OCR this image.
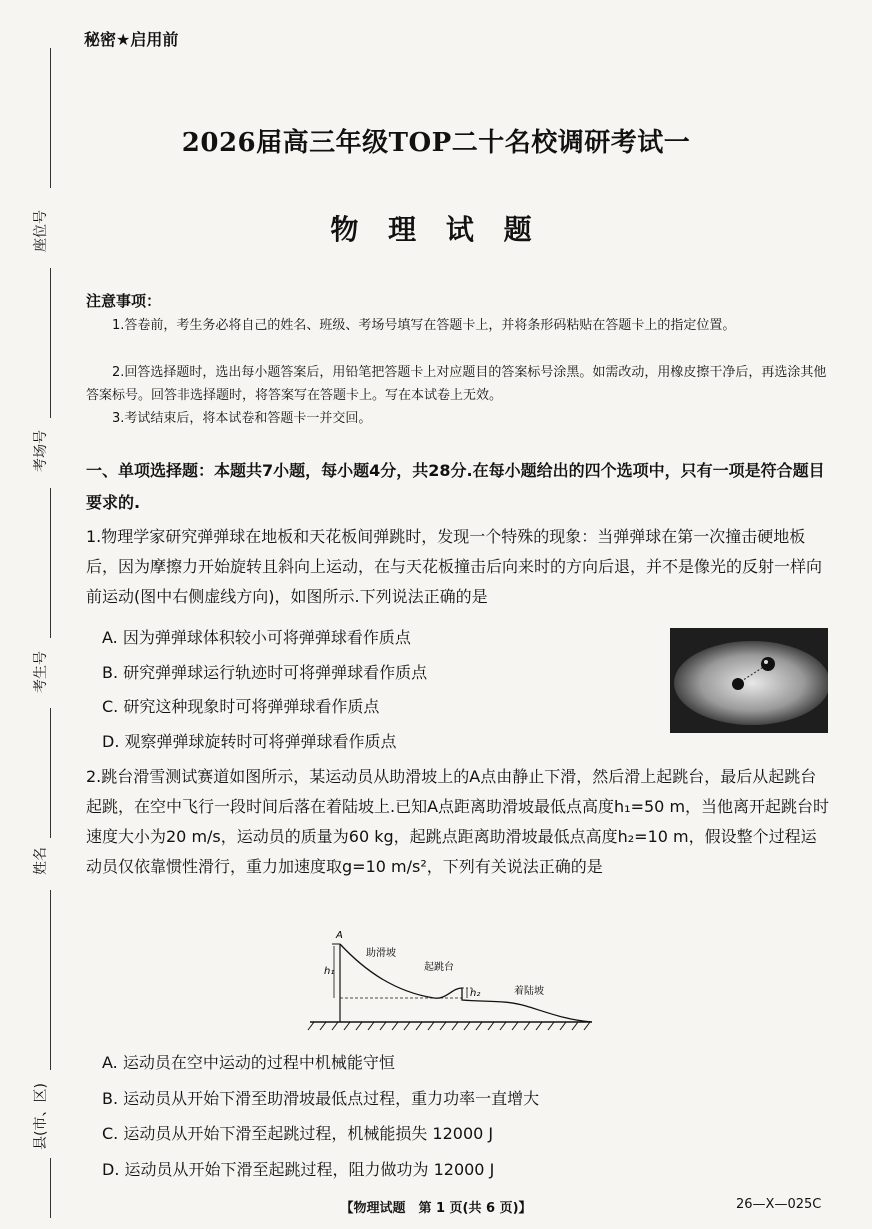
秘密★启用前
2026届高三年级TOP二十名校调研考试一
物 理 试 题
座位号
考场号
考生号
姓名
县(市、区)
注意事项：
1.答卷前，考生务必将自己的姓名、班级、考场号填写在答题卡上，并将条形码粘贴在答题卡上的指定位置。
2.回答选择题时，选出每小题答案后，用铅笔把答题卡上对应题目的答案标号涂黑。如需改动，用橡皮擦干净后，再选涂其他答案标号。回答非选择题时，将答案写在答题卡上。写在本试卷上无效。
3.考试结束后，将本试卷和答题卡一并交回。
一、单项选择题：本题共7小题，每小题4分，共28分.在每小题给出的四个选项中，只有一项是符合题目要求的.
1.物理学家研究弹弹球在地板和天花板间弹跳时，发现一个特殊的现象：当弹弹球在第一次撞击硬地板后，因为摩擦力开始旋转且斜向上运动，在与天花板撞击后向来时的方向后退，并不是像光的反射一样向前运动(图中右侧虚线方向)，如图所示.下列说法正确的是
A. 因为弹弹球体积较小可将弹弹球看作质点
B. 研究弹弹球运行轨迹时可将弹弹球看作质点
C. 研究这种现象时可将弹弹球看作质点
D. 观察弹弹球旋转时可将弹弹球看作质点
2.跳台滑雪测试赛道如图所示，某运动员从助滑坡上的A点由静止下滑，然后滑上起跳台，最后从起跳台起跳，在空中飞行一段时间后落在着陆坡上.已知A点距离助滑坡最低点高度h₁=50 m，当他离开起跳台时速度大小为20 m/s，运动员的质量为60 kg，起跳点距离助滑坡最低点高度h₂=10 m，假设整个过程运动员仅依靠惯性滑行，重力加速度取g=10 m/s²，下列有关说法正确的是
A
h₁
h₂
助滑坡
起跳台
着陆坡
A. 运动员在空中运动的过程中机械能守恒
B. 运动员从开始下滑至助滑坡最低点过程，重力功率一直增大
C. 运动员从开始下滑至起跳过程，机械能损失 12000 J
D. 运动员从开始下滑至起跳过程，阻力做功为 12000 J
【物理试题　第 1 页(共 6 页)】	26—X—025C
